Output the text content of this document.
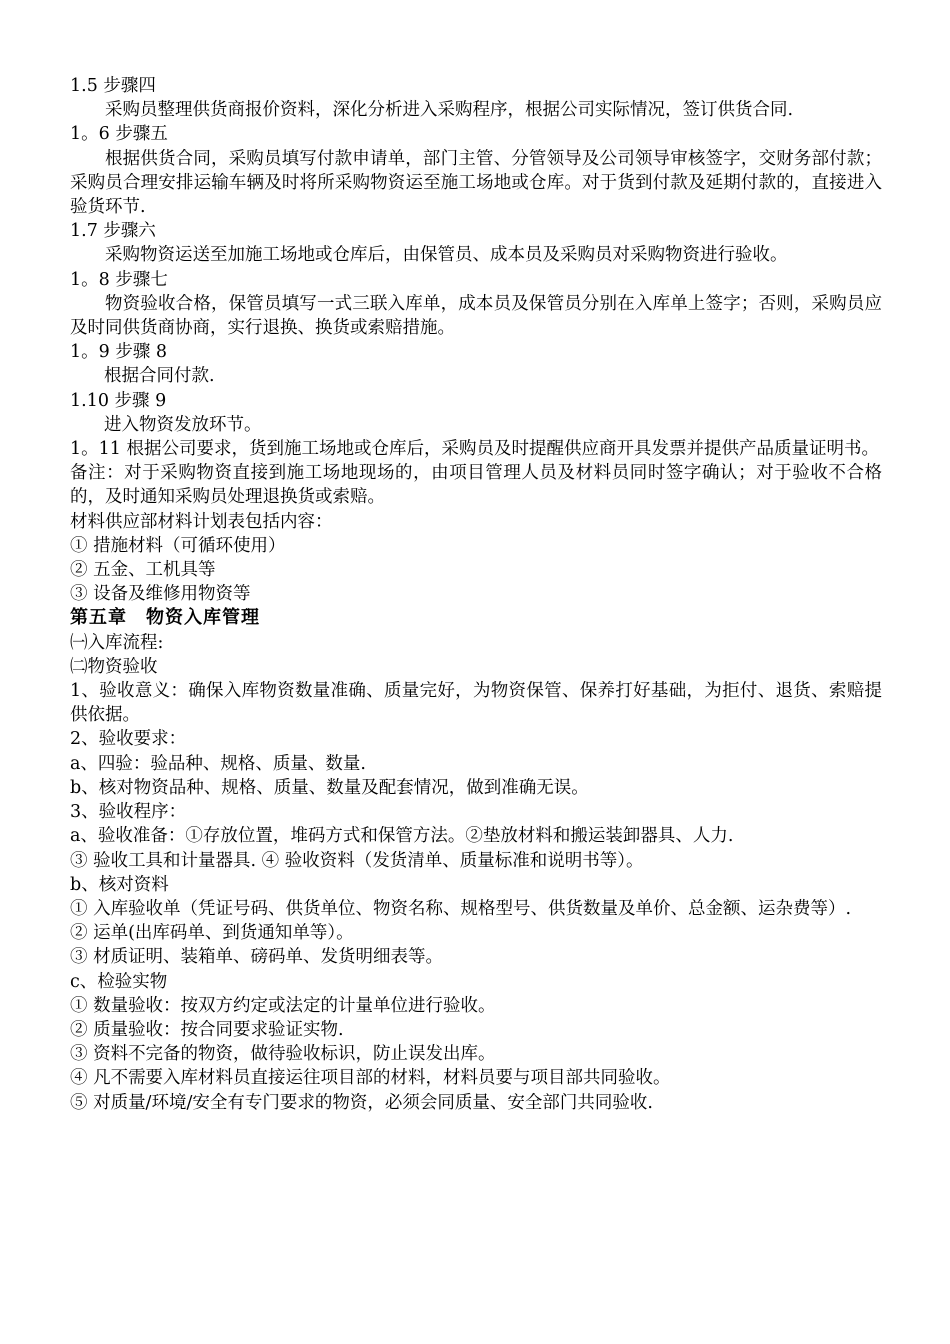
1.5 步骤四

采购员整理供货商报价资料，深化分析进入采购程序，根据公司实际情况，签订供货合同.

1。6 步骤五

根据供货合同，采购员填写付款申请单，部门主管、分管领导及公司领导审核签字，交财务部付款；采购员合理安排运输车辆及时将所采购物资运至施工场地或仓库。对于货到付款及延期付款的，直接进入验货环节.

1.7 步骤六

采购物资运送至加施工场地或仓库后，由保管员、成本员及采购员对采购物资进行验收。

1。8 步骤七

物资验收合格，保管员填写一式三联入库单，成本员及保管员分别在入库单上签字；否则，采购员应及时同供货商协商，实行退换、换货或索赔措施。

1。9 步骤 8

根据合同付款.

1.10 步骤 9

进入物资发放环节。

1。11 根据公司要求，货到施工场地或仓库后，采购员及时提醒供应商开具发票并提供产品质量证明书。

备注：对于采购物资直接到施工场地现场的，由项目管理人员及材料员同时签字确认；对于验收不合格的，及时通知采购员处理退换货或索赔。

材料供应部材料计划表包括内容：

① 措施材料（可循环使用）

② 五金、工机具等

③ 设备及维修用物资等

第五章　物资入库管理

㈠入库流程:

㈡物资验收

1、验收意义：确保入库物资数量准确、质量完好，为物资保管、保养打好基础，为拒付、退货、索赔提供依据。

2、验收要求：

a、四验：验品种、规格、质量、数量.

b、核对物资品种、规格、质量、数量及配套情况，做到准确无误。

3、验收程序：

a、验收准备：①存放位置，堆码方式和保管方法。②垫放材料和搬运装卸器具、人力.

③ 验收工具和计量器具. ④ 验收资料（发货清单、质量标准和说明书等）。

b、核对资料

① 入库验收单（凭证号码、供货单位、物资名称、规格型号、供货数量及单价、总金额、运杂费等）.

② 运单(出库码单、到货通知单等）。

③ 材质证明、装箱单、磅码单、发货明细表等。

c、检验实物

① 数量验收：按双方约定或法定的计量单位进行验收。

② 质量验收：按合同要求验证实物.

③ 资料不完备的物资，做待验收标识，防止误发出库。

④ 凡不需要入库材料员直接运往项目部的材料，材料员要与项目部共同验收。

⑤ 对质量/环境/安全有专门要求的物资，必须会同质量、安全部门共同验收.
